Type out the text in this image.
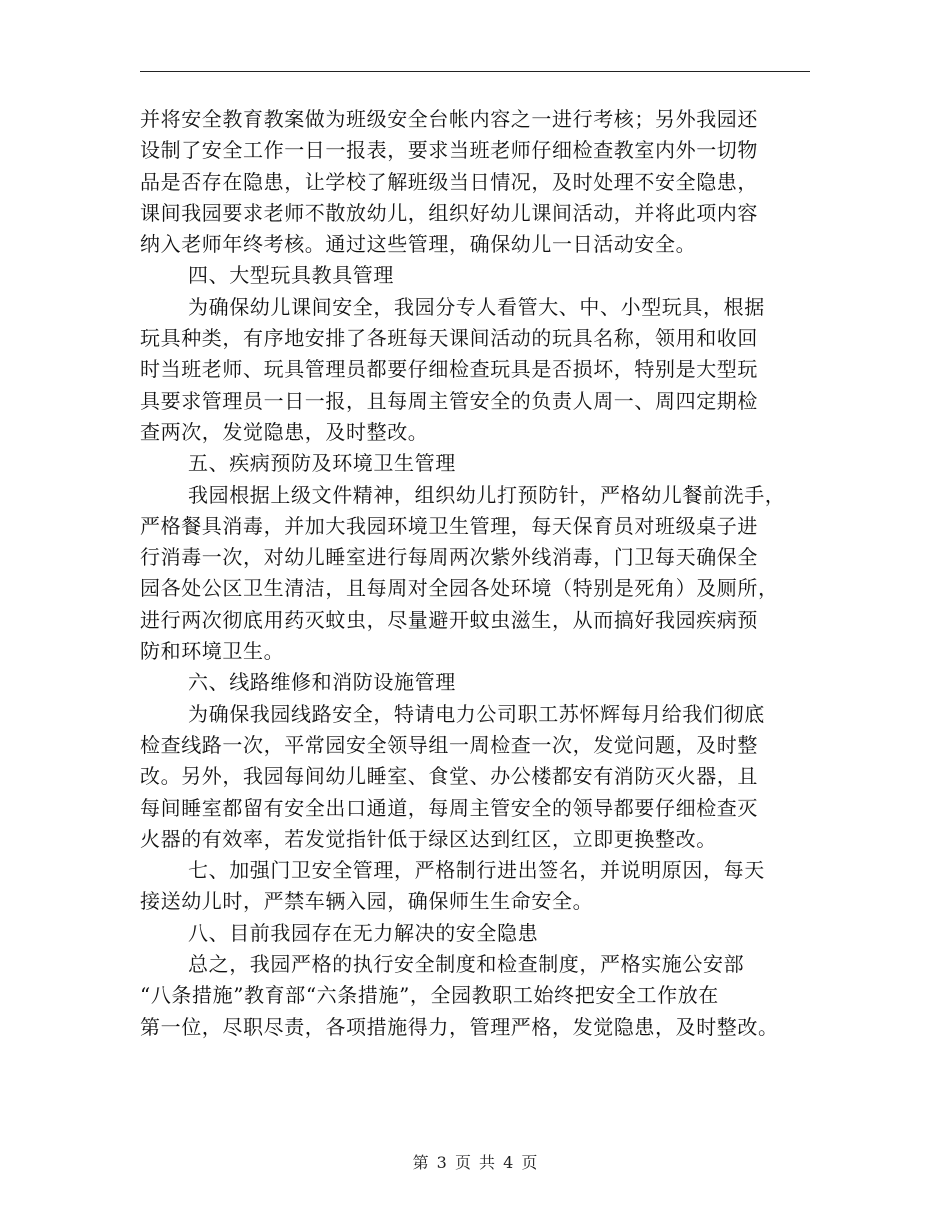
并将安全教育教案做为班级安全台帐内容之一进行考核；另外我园还
设制了安全工作一日一报表，要求当班老师仔细检查教室内外一切物
品是否存在隐患，让学校了解班级当日情况，及时处理不安全隐患，
课间我园要求老师不散放幼儿，组织好幼儿课间活动，并将此项内容
纳入老师年终考核。通过这些管理，确保幼儿一日活动安全。
四、大型玩具教具管理
为确保幼儿课间安全，我园分专人看管大、中、小型玩具，根据
玩具种类，有序地安排了各班每天课间活动的玩具名称，领用和收回
时当班老师、玩具管理员都要仔细检查玩具是否损坏，特别是大型玩
具要求管理员一日一报，且每周主管安全的负责人周一、周四定期检
查两次，发觉隐患，及时整改。
五、疾病预防及环境卫生管理
我园根据上级文件精神，组织幼儿打预防针，严格幼儿餐前洗手，
严格餐具消毒，并加大我园环境卫生管理，每天保育员对班级桌子进
行消毒一次，对幼儿睡室进行每周两次紫外线消毒，门卫每天确保全
园各处公区卫生清洁，且每周对全园各处环境（特别是死角）及厕所，
进行两次彻底用药灭蚊虫，尽量避开蚊虫滋生，从而搞好我园疾病预
防和环境卫生。
六、线路维修和消防设施管理
为确保我园线路安全，特请电力公司职工苏怀辉每月给我们彻底
检查线路一次，平常园安全领导组一周检查一次，发觉问题，及时整
改。另外，我园每间幼儿睡室、食堂、办公楼都安有消防灭火器，且
每间睡室都留有安全出口通道，每周主管安全的领导都要仔细检查灭
火器的有效率，若发觉指针低于绿区达到红区，立即更换整改。
七、加强门卫安全管理，严格制行进出签名，并说明原因，每天
接送幼儿时，严禁车辆入园，确保师生生命安全。
八、目前我园存在无力解决的安全隐患
总之，我园严格的执行安全制度和检查制度，严格实施公安部
“八条措施”教育部“六条措施”，全园教职工始终把安全工作放在
第一位，尽职尽责，各项措施得力，管理严格，发觉隐患，及时整改。
第 3 页 共 4 页
